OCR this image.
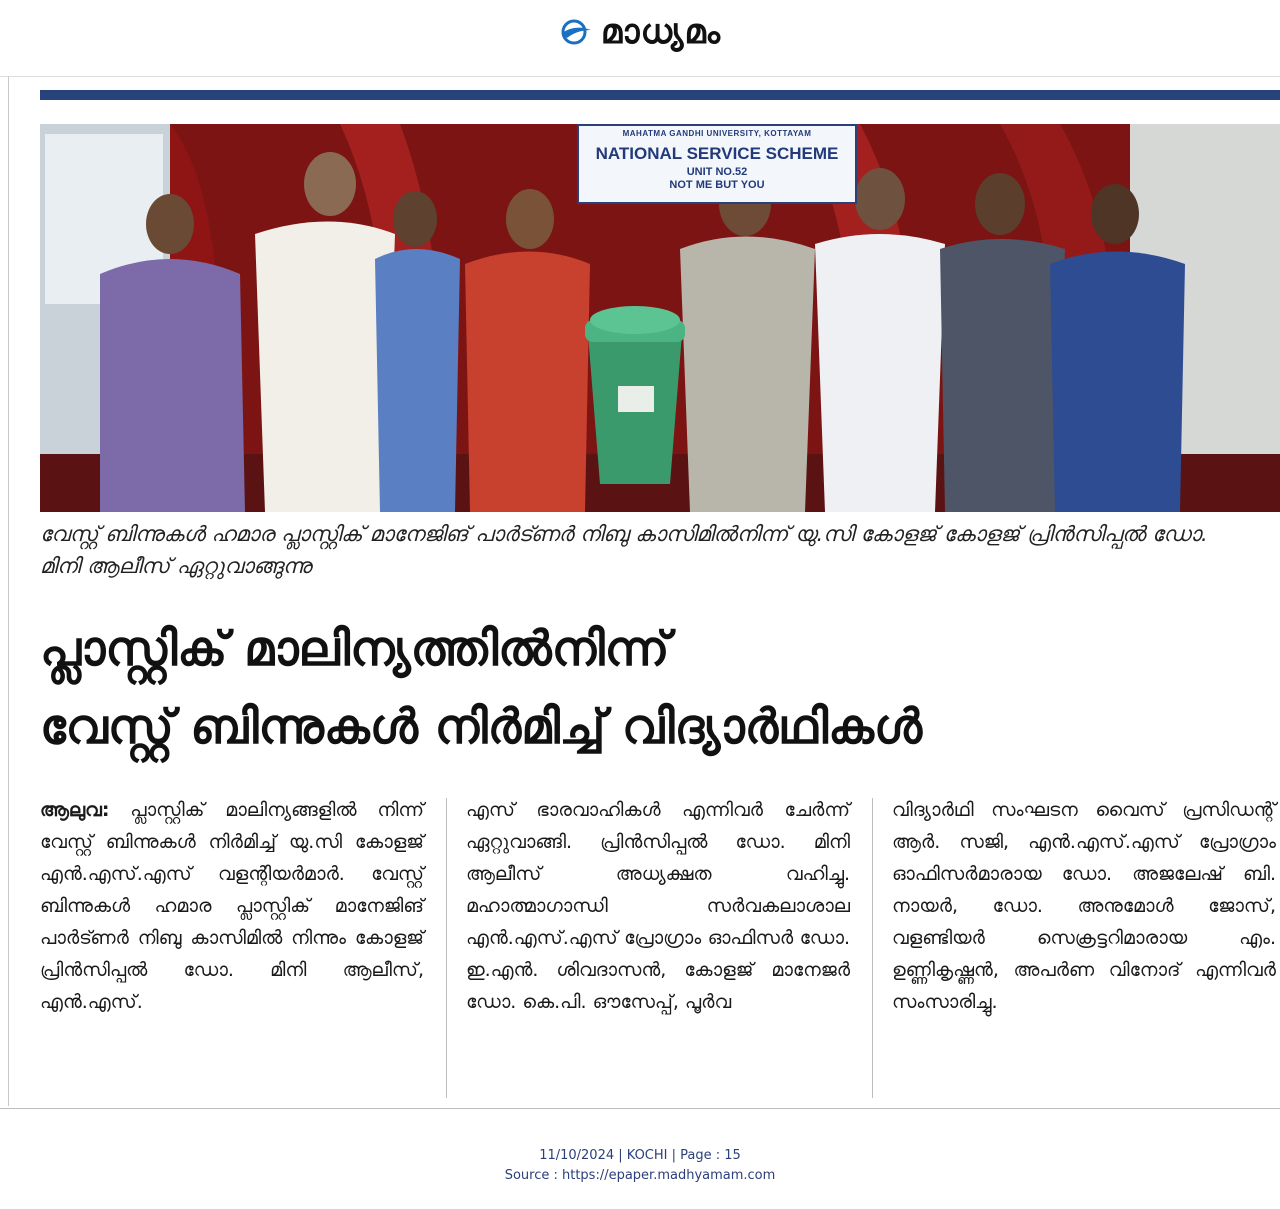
മാധ്യമം
MAHATMA GANDHI UNIVERSITY, KOTTAYAM
NATIONAL SERVICE SCHEME
UNIT NO.52
NOT ME BUT YOU
വേസ്റ്റ് ബിന്നുകൾ ഹമാര പ്ലാസ്റ്റിക് മാനേജിങ് പാർട്ണർ നിബു കാസിമിൽനിന്ന് യു.സി കോളജ് കോളജ് പ്രിൻസിപ്പൽ ഡോ. മിനി ആലീസ് ഏറ്റുവാങ്ങുന്നു
പ്ലാസ്റ്റിക് മാലിന്യത്തിൽനിന്ന്
വേസ്റ്റ് ബിന്നുകൾ നിർമിച്ച് വിദ്യാർഥികൾ
ആലുവ: പ്ലാസ്റ്റിക് മാലിന്യങ്ങളിൽ നിന്ന് വേസ്റ്റ് ബിന്നുകൾ നിർമിച്ച് യു.സി കോളജ് എൻ.എസ്.എസ് വളന്റിയർമാർ. വേസ്റ്റ് ബിന്നുകൾ ഹമാര പ്ലാസ്റ്റിക് മാനേജിങ് പാർട്ണർ നിബു കാസിമിൽ നിന്നും കോളജ് പ്രിൻസിപ്പൽ ഡോ. മിനി ആലീസ്, എൻ.എസ്.
എസ് ഭാരവാഹികൾ എന്നിവർ ചേർന്ന് ഏറ്റുവാങ്ങി. പ്രിൻസിപ്പൽ ഡോ. മിനി ആലീസ് അധ്യക്ഷത വഹിച്ചു. മഹാത്മാഗാന്ധി സർവകലാശാല എൻ.എസ്.എസ് പ്രോഗ്രാം ഓഫിസർ ഡോ. ഇ.എൻ. ശിവദാസൻ, കോളജ് മാനേജർ ഡോ. കെ.പി. ഔസേപ്പ്, പൂർവ
വിദ്യാർഥി സംഘടന വൈസ് പ്രസിഡന്റ് ആർ. സജി, എൻ.എസ്.എസ് പ്രോഗ്രാം ഓഫിസർമാരായ ഡോ. അജലേഷ് ബി. നായർ, ഡോ. അനുമോൾ ജോസ്, വളണ്ടിയർ സെക്രട്ടറിമാരായ എം. ഉണ്ണികൃഷ്ണൻ, അപർണ വിനോദ് എന്നിവർ സംസാരിച്ചു.
11/10/2024 | KOCHI | Page : 15
Source : https://epaper.madhyamam.com
